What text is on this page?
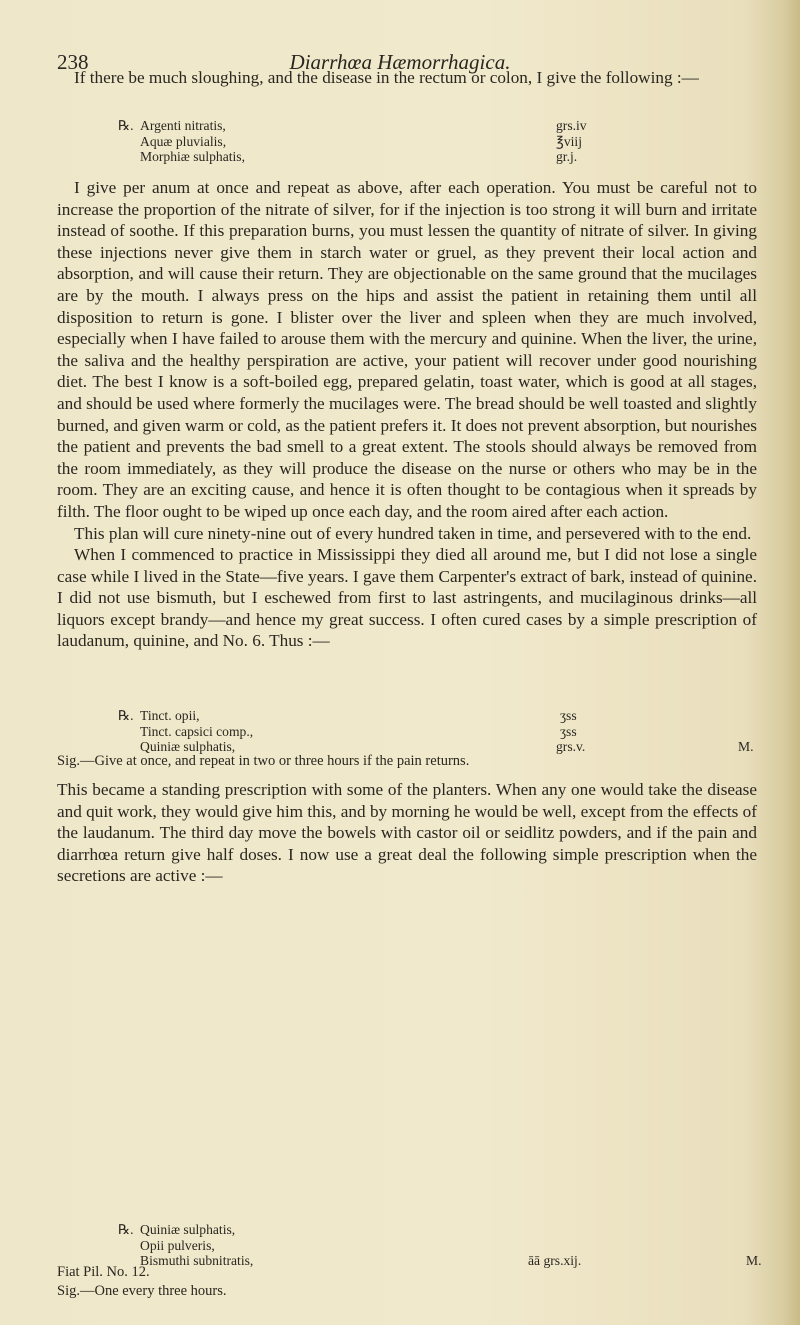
238	Diarrhœa Hæmorrhagica.

If there be much sloughing, and the disease in the rectum or colon, I give the following :—

℞. Argenti nitratis,	grs.iv
Aquæ pluvialis,	℥viij
Morphiæ sulphatis,	gr.j.

I give per anum at once and repeat as above, after each operation. You must be careful not to increase the proportion of the nitrate of silver, for if the injection is too strong it will burn and irritate instead of soothe. If this preparation burns, you must lessen the quantity of nitrate of silver. In giving these injections never give them in starch water or gruel, as they prevent their local action and absorption, and will cause their return. They are objectionable on the same ground that the mucilages are by the mouth. I always press on the hips and assist the patient in retaining them until all disposition to return is gone. I blister over the liver and spleen when they are much involved, especially when I have failed to arouse them with the mercury and quinine. When the liver, the urine, the saliva and the healthy perspiration are active, your patient will recover under good nourishing diet. The best I know is a soft-boiled egg, prepared gelatin, toast water, which is good at all stages, and should be used where formerly the mucilages were. The bread should be well toasted and slightly burned, and given warm or cold, as the patient prefers it. It does not prevent absorption, but nourishes the patient and prevents the bad smell to a great extent. The stools should always be removed from the room immediately, as they will produce the disease on the nurse or others who may be in the room. They are an exciting cause, and hence it is often thought to be contagious when it spreads by filth. The floor ought to be wiped up once each day, and the room aired after each action.

This plan will cure ninety-nine out of every hundred taken in time, and persevered with to the end.

When I commenced to practice in Mississippi they died all around me, but I did not lose a single case while I lived in the State—five years. I gave them Carpenter's extract of bark, instead of quinine. I did not use bismuth, but I eschewed from first to last astringents, and mucilaginous drinks—all liquors except brandy—and hence my great success. I often cured cases by a simple prescription of laudanum, quinine, and No. 6. Thus :—

℞. Tinct. opii,	ʒss
Tinct. capsici comp.,	ʒss
Quiniæ sulphatis,	grs.v.	M.
Sig.—Give at once, and repeat in two or three hours if the pain returns.

This became a standing prescription with some of the planters. When any one would take the disease and quit work, they would give him this, and by morning he would be well, except from the effects of the laudanum. The third day move the bowels with castor oil or seidlitz powders, and if the pain and diarrhœa return give half doses. I now use a great deal the following simple prescription when the secretions are active :—

℞. Quiniæ sulphatis,
Opii pulveris,
Bismuthi subnitratis,	āā grs.xij.	M.
Fiat Pil. No. 12.
Sig.—One every three hours.
